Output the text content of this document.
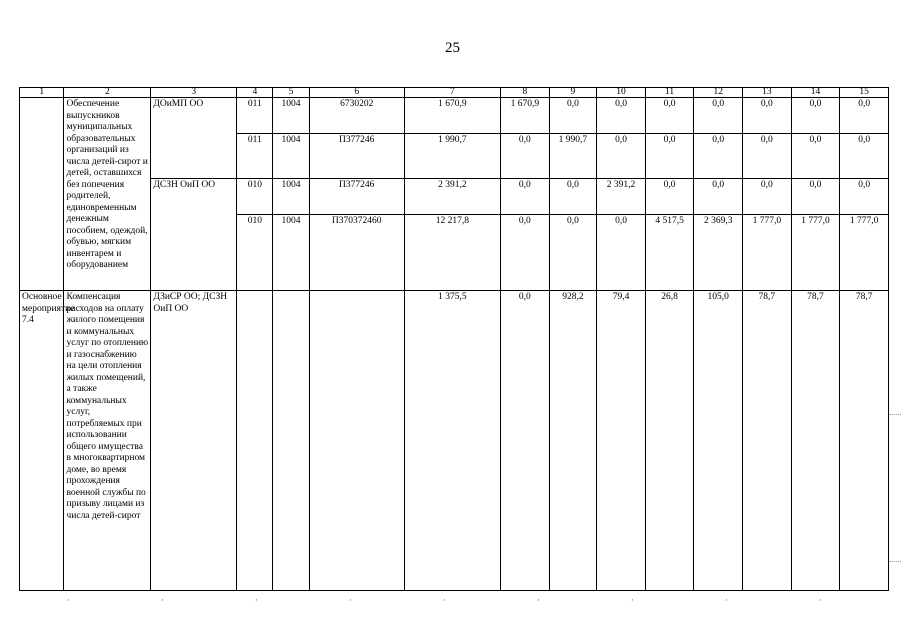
25
1	2	3	4	5	6	7	8	9	10	11	12	13	14	15
	Обеспечение выпускников муниципальных образовательных организаций из числа детей-сирот и детей, оставшихся без попечения родителей, единовременным денежным пособием, одеждой, обувью, мягким инвентарем и оборудованием	ДОиМП ОО	011	1004	6730202	1 670,9	1 670,9	0,0	0,0	0,0	0,0	0,0	0,0	0,0
			011	1004	П377246	1 990,7	0,0	1 990,7	0,0	0,0	0,0	0,0	0,0	0,0
		ДСЗН ОиП ОО	010	1004	П377246	2 391,2	0,0	0,0	2 391,2	0,0	0,0	0,0	0,0	0,0
			010	1004	П370372460	12 217,8	0,0	0,0	0,0	4 517,5	2 369,3	1 777,0	1 777,0	1 777,0
Основное мероприятие 7.4	Компенсация расходов на оплату жилого помещения и коммунальных услуг по отоплению и газоснабжению на цели отопления жилых помещений, а также коммунальных услуг, потребляемых при использовании общего имущества в многоквартирном доме, во время прохождения военной службы по призыву лицами из числа детей-сирот	ДЗиСР ОО; ДСЗН ОиП ОО				1 375,5	0,0	928,2	79,4	26,8	105,0	78,7	78,7	78,7
¸	¸	¸	¸	¸	¸	¸	¸	¸
